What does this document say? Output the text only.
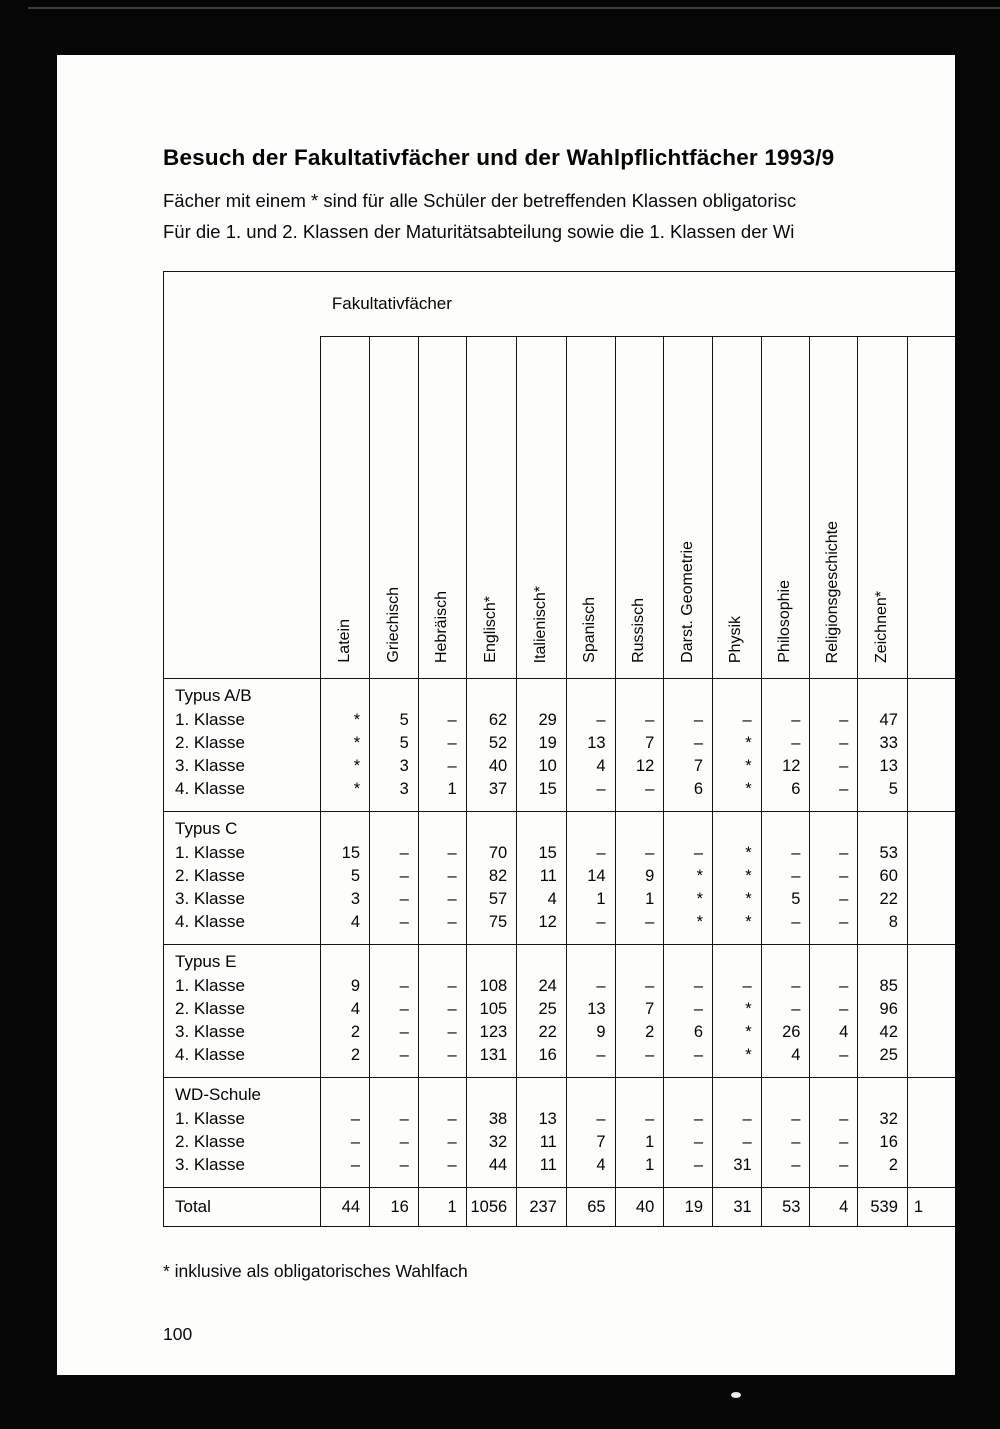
Besuch der Fakultativfächer und der Wahlpflichtfächer 1993/9

Fächer mit einem * sind für alle Schüler der betreffenden Klassen obligatorisc

Für die 1. und 2. Klassen der Maturitätsabteilung sowie die 1. Klassen der Wi

	Fakultativfächer												
	Latein	Griechisch	Hebräisch	Englisch*	Italienisch*	Spanisch	Russisch	Darst. Geometrie	Physik	Philosophie	Religionsgeschichte	Zeichnen*	
Typus A/B													
1. Klasse	*	5	–	62	29	–	–	–	–	–	–	47	
2. Klasse	*	5	–	52	19	13	7	–	*	–	–	33	
3. Klasse	*	3	–	40	10	4	12	7	*	12	–	13	
4. Klasse	*	3	1	37	15	–	–	6	*	6	–	5	

Typus C													
1. Klasse	15	–	–	70	15	–	–	–	*	–	–	53	
2. Klasse	5	–	–	82	11	14	9	*	*	–	–	60	
3. Klasse	3	–	–	57	4	1	1	*	*	5	–	22	
4. Klasse	4	–	–	75	12	–	–	*	*	–	–	8	

Typus E													
1. Klasse	9	–	–	108	24	–	–	–	–	–	–	85	
2. Klasse	4	–	–	105	25	13	7	–	*	–	–	96	
3. Klasse	2	–	–	123	22	9	2	6	*	26	4	42	
4. Klasse	2	–	–	131	16	–	–	–	*	4	–	25	

WD-Schule													
1. Klasse	–	–	–	38	13	–	–	–	–	–	–	32	
2. Klasse	–	–	–	32	11	7	1	–	–	–	–	16	
3. Klasse	–	–	–	44	11	4	1	–	31	–	–	2	

Total	44	16	1	1056	237	65	40	19	31	53	4	539	1

* inklusive als obligatorisches Wahlfach

100
